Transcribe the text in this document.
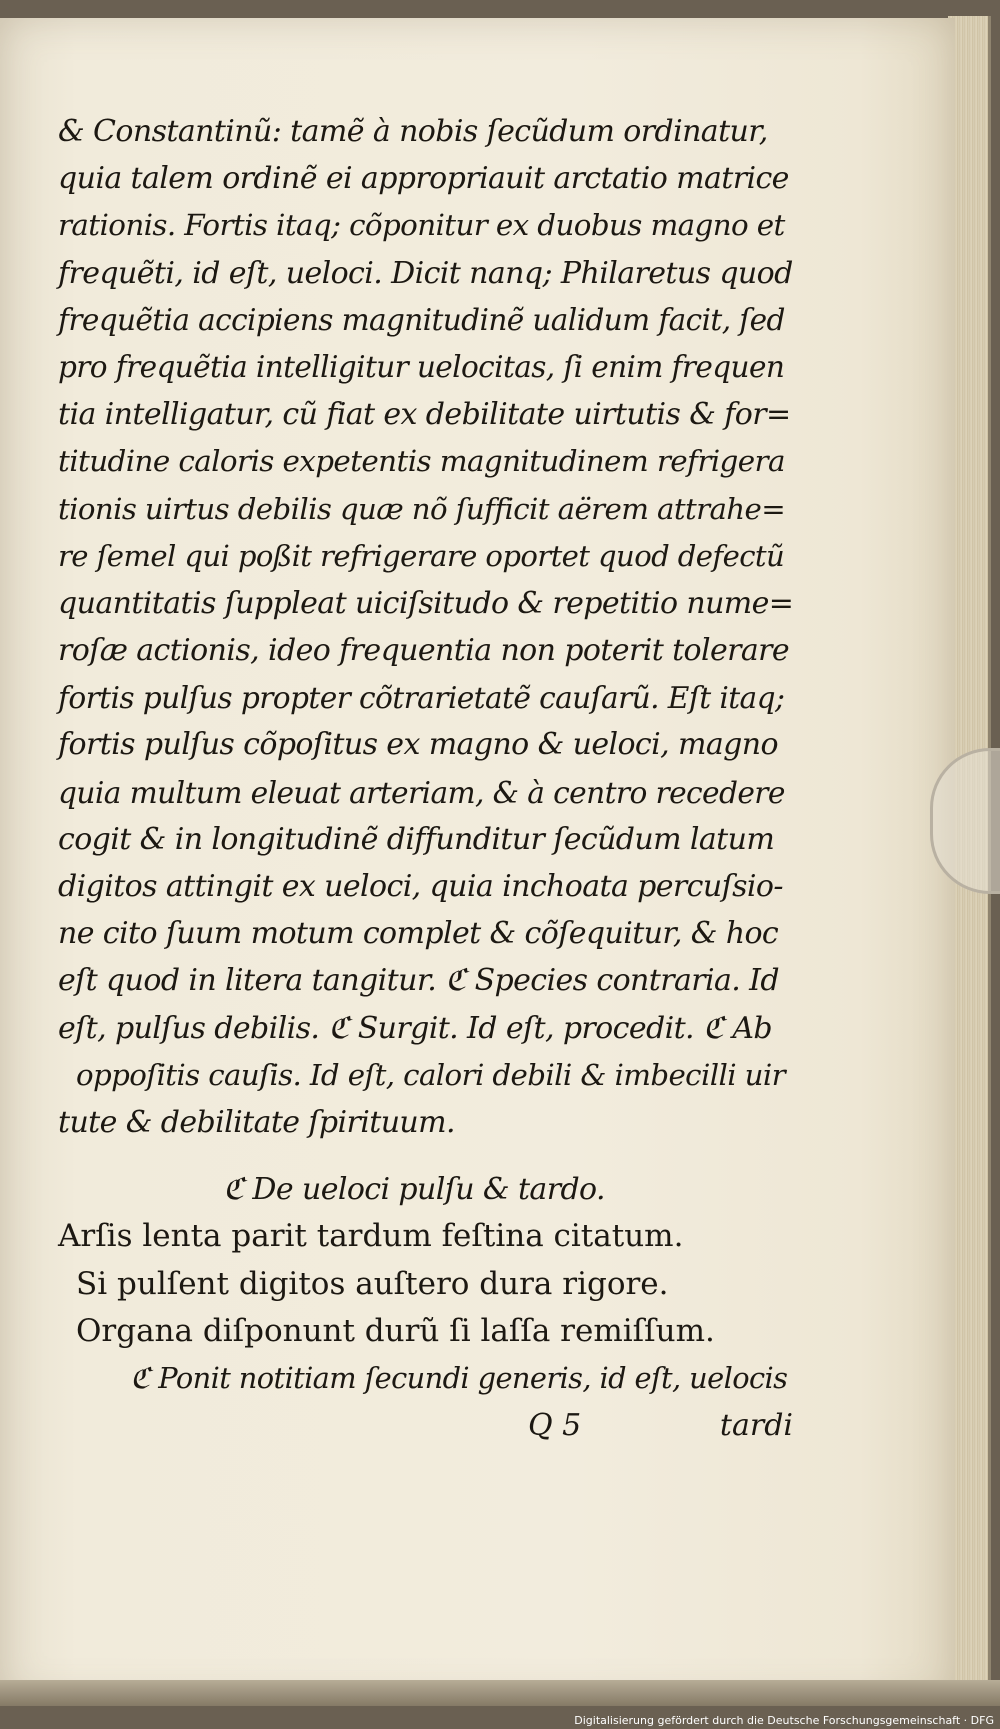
& Constantinũ: tamẽ à nobis ſecũdum ordinatur,
quia talem ordinẽ ei appropriauit arctatio matrice
rationis. Fortis itaq; cõponitur ex duobus magno et
frequẽti, id eſt, ueloci. Dicit nanq; Philaretus quod
frequẽtia accipiens magnitudinẽ ualidum facit, ſed
pro frequẽtia intelligitur uelocitas, ſi enim frequen
tia intelligatur, cũ fiat ex debilitate uirtutis & for=
titudine caloris expetentis magnitudinem refrigera
tionis uirtus debilis quæ nõ ſufficit aërem attrahe=
re ſemel qui poßit refrigerare oportet quod defectũ
quantitatis ſuppleat uiciſsitudo & repetitio nume=
roſæ actionis, ideo frequentia non poterit tolerare
fortis pulſus propter cõtrarietatẽ cauſarũ. Eſt itaq;
fortis pulſus cõpoſitus ex magno & ueloci, magno
quia multum eleuat arteriam, & à centro recedere
cogit & in longitudinẽ diffunditur ſecũdum latum
digitos attingit ex ueloci, quia inchoata percuſsio-
ne cito ſuum motum complet & cõſequitur, & hoc
eſt quod in litera tangitur. ℭ Species contraria. Id
eſt, pulſus debilis. ℭ Surgit. Id eſt, procedit. ℭ Ab
oppoſitis cauſis. Id eſt, calori debili & imbecilli uir
tute & debilitate ſpirituum.
ℭ De ueloci pulſu & tardo.
Arſis lenta parit tardum feſtina citatum.
Si pulſent digitos auſtero dura rigore.
Organa diſponunt durũ ſi laſſa remiſſum.
ℭ Ponit notitiam ſecundi generis, id eſt, uelocis
Q 5	tardi
Digitalisierung gefördert durch die Deutsche Forschungsgemeinschaft · DFG
